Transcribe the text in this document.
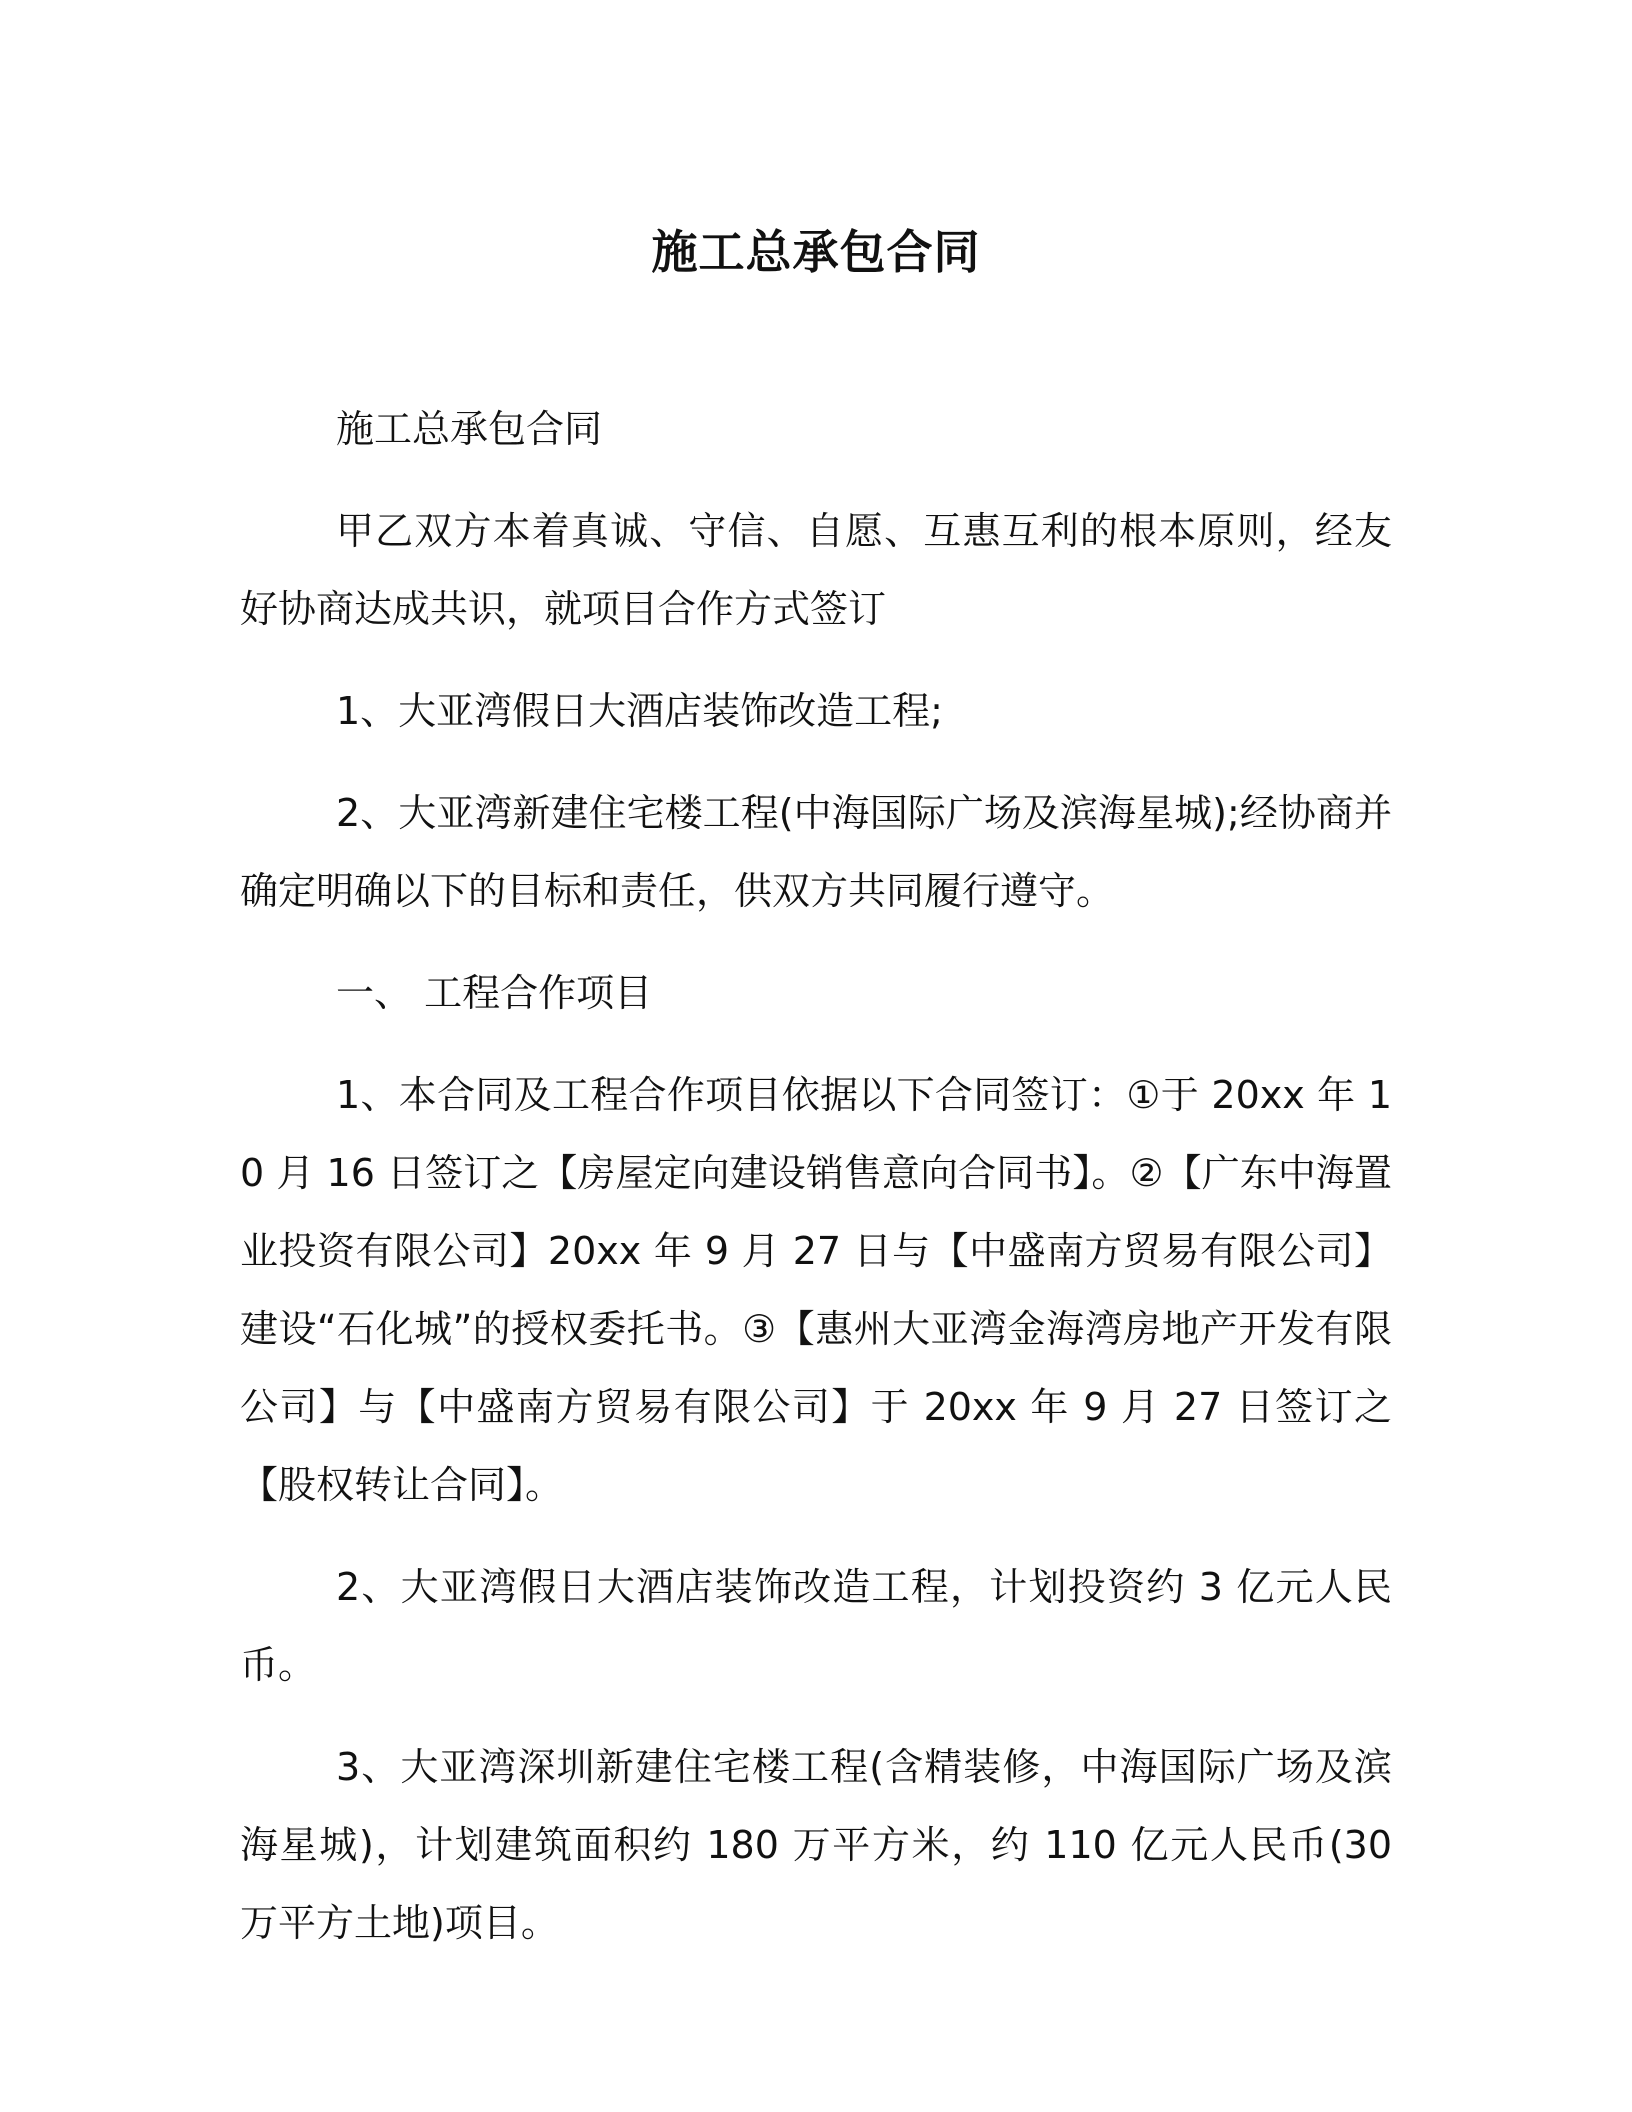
施工总承包合同

施工总承包合同

甲乙双方本着真诚、守信、自愿、互惠互利的根本原则，经友好协商达成共识，就项目合作方式签订

1、大亚湾假日大酒店装饰改造工程;

2、大亚湾新建住宅楼工程(中海国际广场及滨海星城);经协商并确定明确以下的目标和责任，供双方共同履行遵守。

一、 工程合作项目

1、本合同及工程合作项目依据以下合同签订：①于 20xx 年 10 月 16 日签订之【房屋定向建设销售意向合同书】。②【广东中海置业投资有限公司】20xx 年 9 月 27 日与【中盛南方贸易有限公司】建设“石化城”的授权委托书。③【惠州大亚湾金海湾房地产开发有限公司】与【中盛南方贸易有限公司】于 20xx 年 9 月 27 日签订之【股权转让合同】。

2、大亚湾假日大酒店装饰改造工程，计划投资约 3 亿元人民币。

3、大亚湾深圳新建住宅楼工程(含精装修，中海国际广场及滨海星城)，计划建筑面积约 180 万平方米，约 110 亿元人民币(30 万平方土地)项目。
